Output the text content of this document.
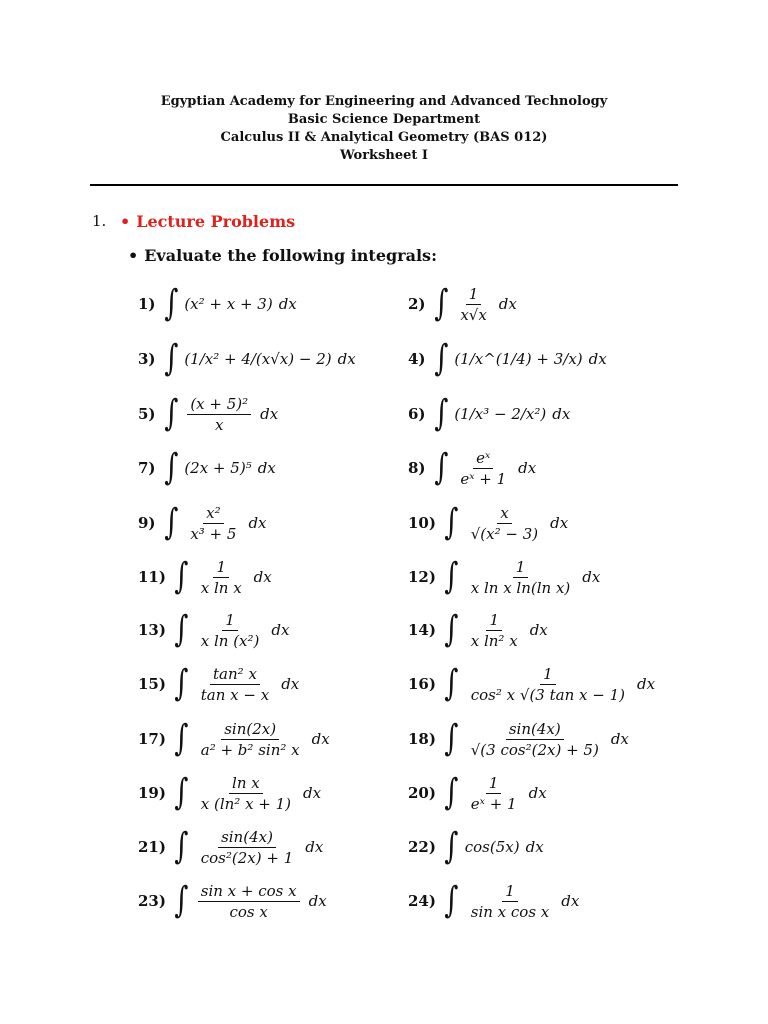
Egyptian Academy for Engineering and Advanced Technology
Basic Science Department
Calculus II & Analytical Geometry (BAS 012)
Worksheet I
1. • Lecture Problems
• Evaluate the following integrals:
1) ∫ (x² + x + 3) dx	2) ∫ $\frac{1}{x√x}$ dx
3) ∫ (1/x² + 4/(x√x) − 2) dx	4) ∫ (1/x^(1/4) + 3/x) dx
5) ∫ $\frac{\text{(x + 5)²}}{x}$ dx	6) ∫ (1/x³ − 2/x²) dx
7) ∫ (2x + 5)⁵ dx	8) ∫ $\frac{\text{eˣ}}{\text{eˣ + 1}}$ dx
9) ∫ $\frac{\text{x²}}{\text{x³ + 5}}$ dx	10) ∫ $\frac{x}{\text{√(x² − 3)}}$ dx
11) ∫ $\frac{1}{\text{x ln x}}$ dx	12) ∫ $\frac{1}{\text{x ln x ln(ln x)}}$ dx
13) ∫ $\frac{1}{\text{x ln (x²)}}$ dx	14) ∫ $\frac{1}{\text{x ln² x}}$ dx
15) ∫ $\frac{\text{tan² x}}{\text{tan x − x}}$ dx	16) ∫ $\frac{1}{\text{cos² x √(3 tan x − 1)}}$ dx
17) ∫ $\frac{\sin(2x)}{\text{a² + b² sin² x}}$ dx	18) ∫ $\frac{\sin(4x)}{\text{√(3 cos²(2x) + 5)}}$ dx
19) ∫ $\frac{\text{ln x}}{\text{x (ln² x + 1)}}$ dx	20) ∫ $\frac{1}{\text{eˣ + 1}}$ dx
21) ∫ $\frac{\sin(4x)}{\text{cos²(2x) + 1}}$ dx	22) ∫ cos(5x) dx
23) ∫ $\frac{\text{sin x + cos x}}{\text{cos x}}$ dx	24) ∫ $\frac{1}{\text{sin x cos x}}$ dx
